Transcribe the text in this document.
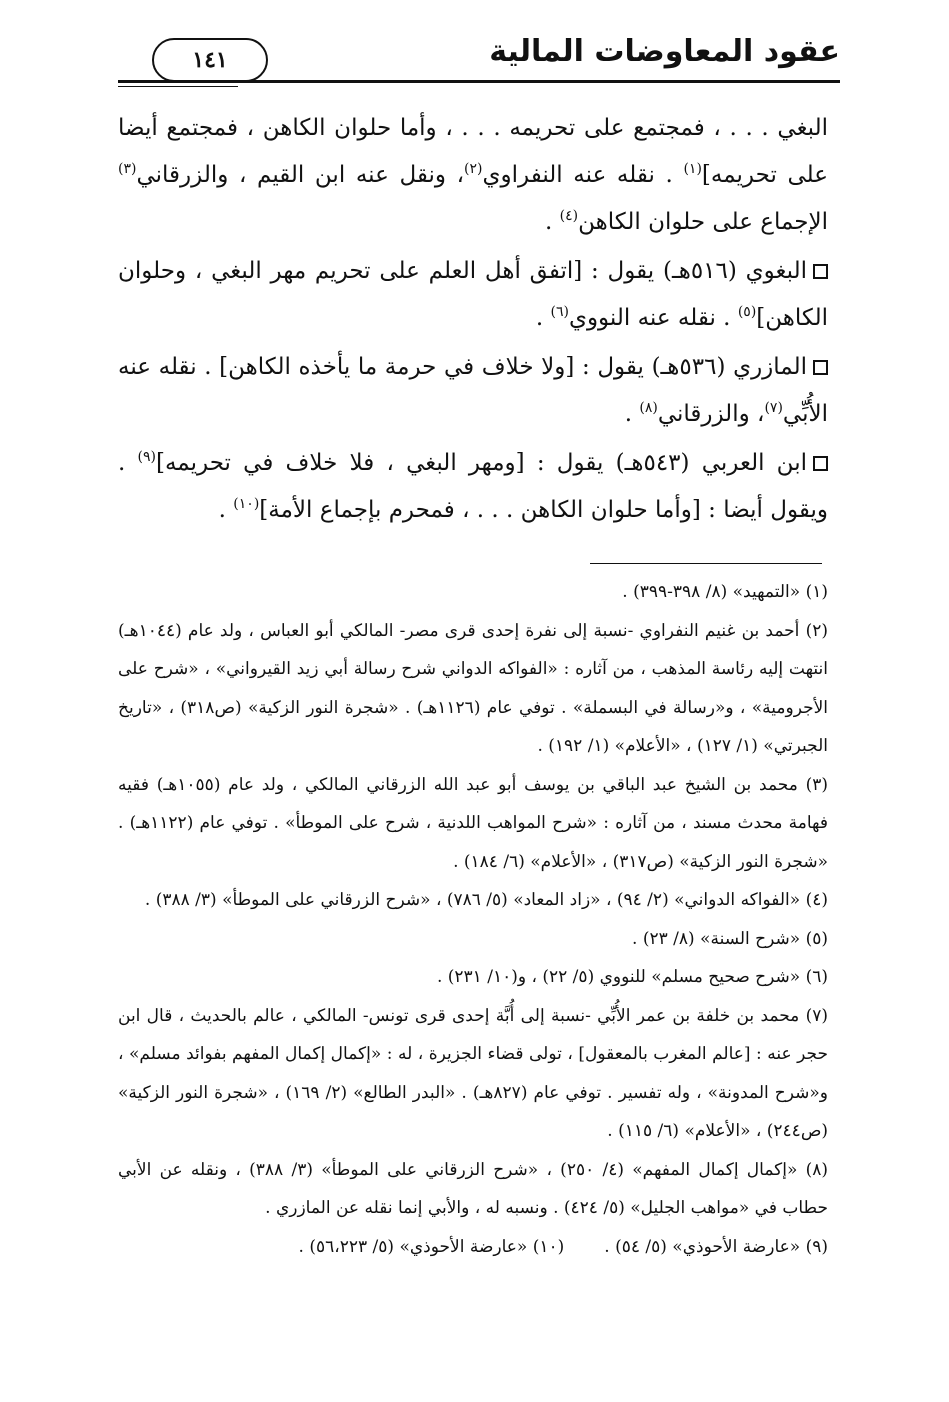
عقود المعاوضات المالية
١٤١

البغي . . . ، فمجتمع على تحريمه . . . ، وأما حلوان الكاهن ، فمجتمع أيضا على تحريمه]$^{(١)}$ . نقله عنه النفراوي$^{(٢)}$، ونقل عنه ابن القيم ، والزرقاني$^{(٣)}$ الإجماع على حلوان الكاهن$^{(٤)}$ .

البغوي (٥١٦هـ) يقول : [اتفق أهل العلم على تحريم مهر البغي ، وحلوان الكاهن]$^{(٥)}$ . نقله عنه النووي$^{(٦)}$ .

المازري (٥٣٦هـ) يقول : [ولا خلاف في حرمة ما يأخذه الكاهن] . نقله عنه الأُبِّي$^{(٧)}$، والزرقاني$^{(٨)}$ .

ابن العربي (٥٤٣هـ) يقول : [ومهر البغي ، فلا خلاف في تحريمه]$^{(٩)}$ . ويقول أيضا : [وأما حلوان الكاهن . . . ، فمحرم بإجماع الأمة]$^{(١٠)}$ .

(١) «التمهيد» (٨/ ٣٩٨-٣٩٩) .

(٢) أحمد بن غنيم النفراوي -نسبة إلى نفرة إحدى قرى مصر- المالكي أبو العباس ، ولد عام (١٠٤٤هـ) انتهت إليه رئاسة المذهب ، من آثاره : «الفواكه الدواني شرح رسالة أبي زيد القيرواني» ، «شرح على الأجرومية» ، و«رسالة في البسملة» . توفي عام (١١٢٦هـ) . «شجرة النور الزكية» (ص٣١٨) ، «تاريخ الجبرتي» (١/ ١٢٧) ، «الأعلام» (١/ ١٩٢) .

(٣) محمد بن الشيخ عبد الباقي بن يوسف أبو عبد الله الزرقاني المالكي ، ولد عام (١٠٥٥هـ) فقيه فهامة محدث مسند ، من آثاره : «شرح المواهب اللدنية ، شرح على الموطأ» . توفي عام (١١٢٢هـ) . «شجرة النور الزكية» (ص٣١٧) ، «الأعلام» (٦/ ١٨٤) .

(٤) «الفواكه الدواني» (٢/ ٩٤) ، «زاد المعاد» (٥/ ٧٨٦) ، «شرح الزرقاني على الموطأ» (٣/ ٣٨٨) .

(٥) «شرح السنة» (٨/ ٢٣) .

(٦) «شرح صحيح مسلم» للنووي (٥/ ٢٢) ، و(١٠/ ٢٣١) .

(٧) محمد بن خلفة بن عمر الأُبِّي -نسبة إلى أُبَّة إحدى قرى تونس- المالكي ، عالم بالحديث ، قال ابن حجر عنه : [عالم المغرب بالمعقول] ، تولى قضاء الجزيرة ، له : «إكمال إكمال المفهم بفوائد مسلم» ، و«شرح المدونة» ، وله تفسير . توفي عام (٨٢٧هـ) . «البدر الطالع» (٢/ ١٦٩) ، «شجرة النور الزكية» (ص٢٤٤) ، «الأعلام» (٦/ ١١٥) .

(٨) «إكمال إكمال المفهم» (٤/ ٢٥٠) ، «شرح الزرقاني على الموطأ» (٣/ ٣٨٨) ، ونقله عن الأبي حطاب في «مواهب الجليل» (٥/ ٤٢٤) . ونسبه له ، والأبي إنما نقله عن المازري .

(٩) «عارضة الأحوذي» (٥/ ٥٤) .
(١٠) «عارضة الأحوذي» (٥/ ٥٦،٢٢٣) .
